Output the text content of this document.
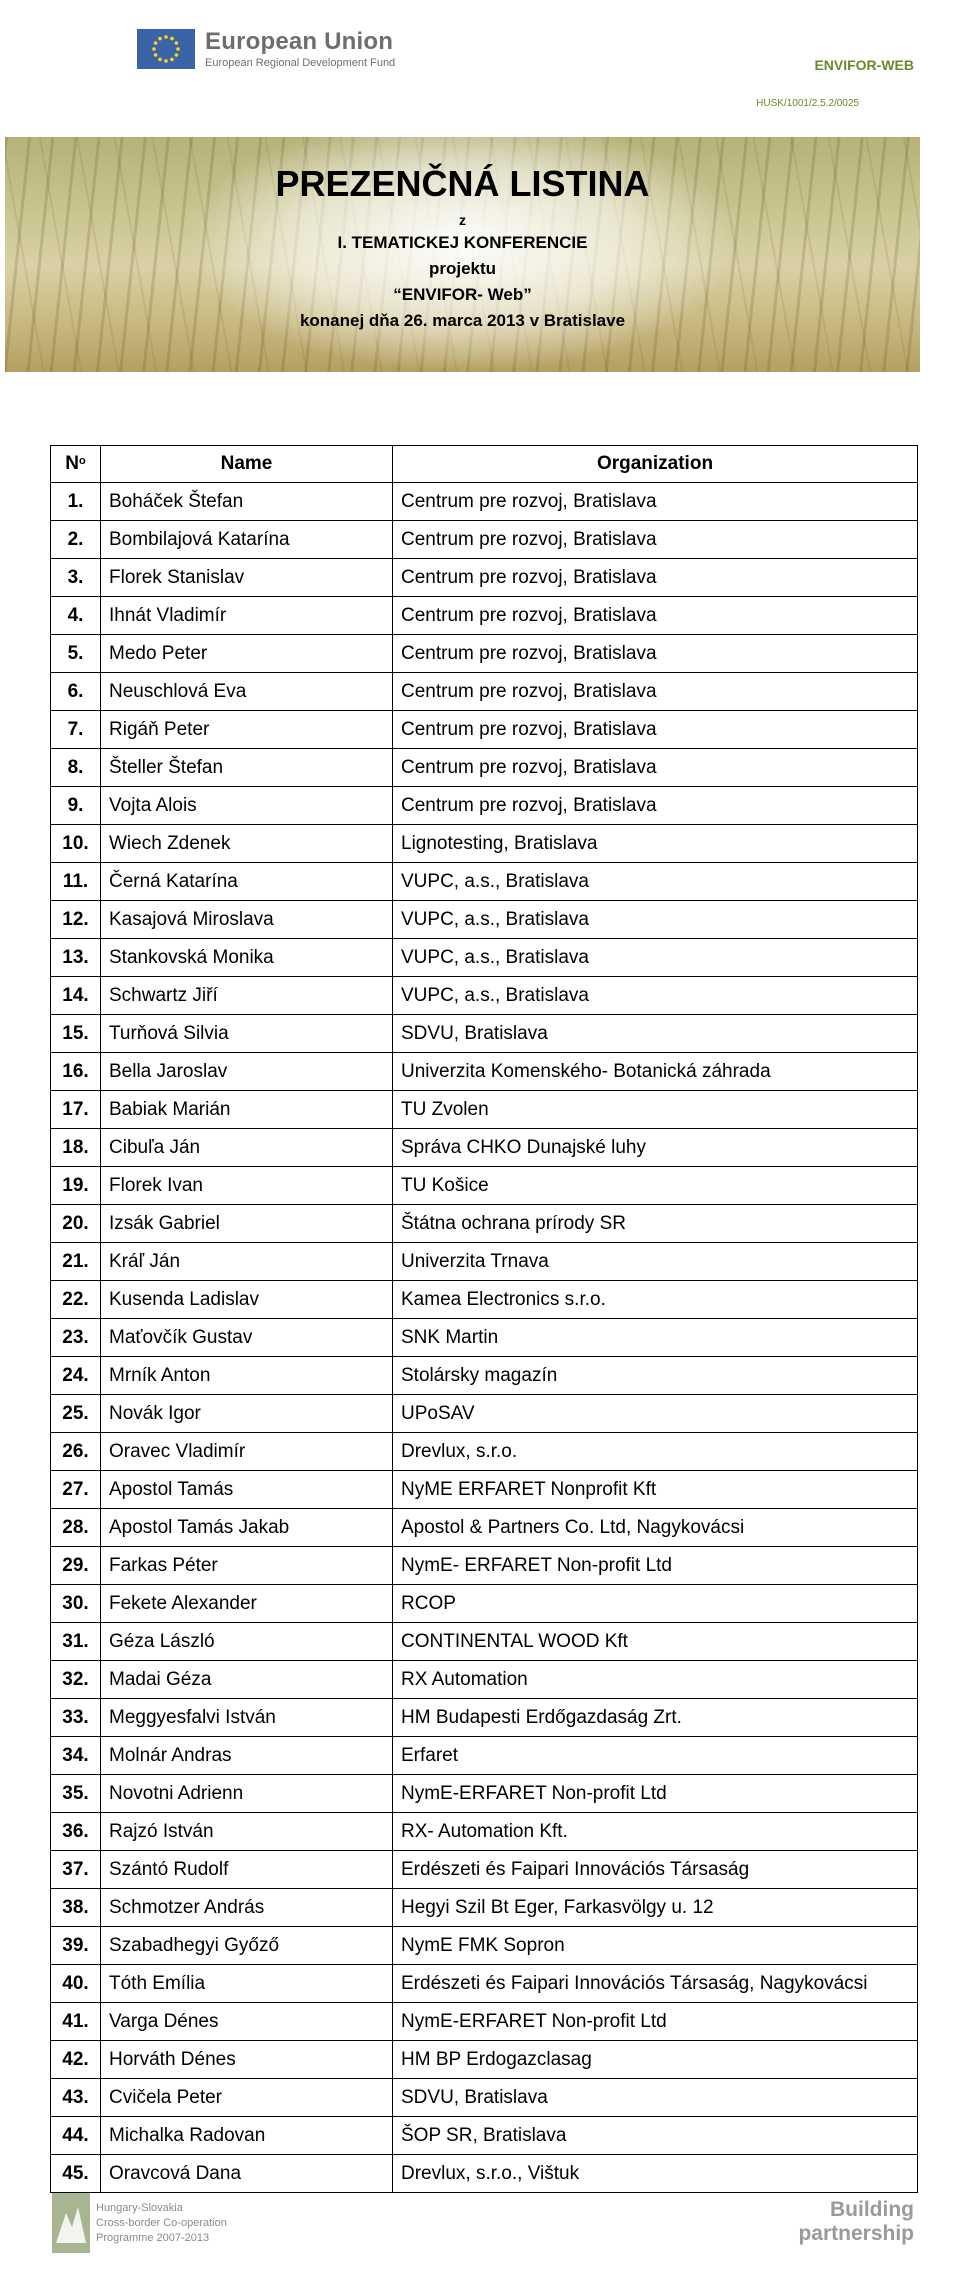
European Union
European Regional Development Fund	ENVIFOR-WEB
HUSK/1001/2.5.2/0025
PREZENČNÁ LISTINA
z
I. TEMATICKEJ KONFERENCIE
projektu
“ENVIFOR- Web”
konanej dňa 26. marca 2013 v Bratislave
$N^o$	Name	Organization
1.	Boháček Štefan	Centrum pre rozvoj, Bratislava
2.	Bombilajová Katarína	Centrum pre rozvoj, Bratislava
3.	Florek Stanislav	Centrum pre rozvoj, Bratislava
4.	Ihnát Vladimír	Centrum pre rozvoj, Bratislava
5.	Medo Peter	Centrum pre rozvoj, Bratislava
6.	Neuschlová Eva	Centrum pre rozvoj, Bratislava
7.	Rigáň Peter	Centrum pre rozvoj, Bratislava
8.	Šteller Štefan	Centrum pre rozvoj, Bratislava
9.	Vojta Alois	Centrum pre rozvoj, Bratislava
10.	Wiech Zdenek	Lignotesting, Bratislava
11.	Černá Katarína	VUPC, a.s., Bratislava
12.	Kasajová Miroslava	VUPC, a.s., Bratislava
13.	Stankovská Monika	VUPC, a.s., Bratislava
14.	Schwartz Jiří	VUPC, a.s., Bratislava
15.	Turňová Silvia	SDVU, Bratislava
16.	Bella Jaroslav	Univerzita Komenského- Botanická záhrada
17.	Babiak Marián	TU Zvolen
18.	Cibuľa Ján	Správa CHKO Dunajské luhy
19.	Florek Ivan	TU Košice
20.	Izsák Gabriel	Štátna ochrana prírody SR
21.	Kráľ Ján	Univerzita Trnava
22.	Kusenda Ladislav	Kamea Electronics s.r.o.
23.	Maťovčík Gustav	SNK Martin
24.	Mrník Anton	Stolársky magazín
25.	Novák Igor	UPoSAV
26.	Oravec Vladimír	Drevlux, s.r.o.
27.	Apostol Tamás	NyME ERFARET Nonprofit Kft
28.	Apostol Tamás Jakab	Apostol & Partners Co. Ltd, Nagykovácsi
29.	Farkas Péter	NymE- ERFARET Non-profit Ltd
30.	Fekete Alexander	RCOP
31.	Géza László	CONTINENTAL WOOD Kft
32.	Madai Géza	RX Automation
33.	Meggyesfalvi István	HM Budapesti Erdőgazdaság Zrt.
34.	Molnár Andras	Erfaret
35.	Novotni Adrienn	NymE-ERFARET Non-profit Ltd
36.	Rajzó István	RX- Automation Kft.
37.	Szántó Rudolf	Erdészeti és Faipari Innovációs Társaság
38.	Schmotzer András	Hegyi Szil Bt Eger, Farkasvölgy u. 12
39.	Szabadhegyi Győző	NymE FMK Sopron
40.	Tóth Emília	Erdészeti és Faipari Innovációs Társaság, Nagykovácsi
41.	Varga Dénes	NymE-ERFARET Non-profit Ltd
42.	Horváth Dénes	HM BP Erdogazclasag
43.	Cvičela Peter	SDVU, Bratislava
44.	Michalka Radovan	ŠOP SR, Bratislava
45.	Oravcová Dana	Drevlux, s.r.o., Vištuk
Hungary-Slovakia
Cross-border Co-operation
Programme 2007-2013
Building
partnership
